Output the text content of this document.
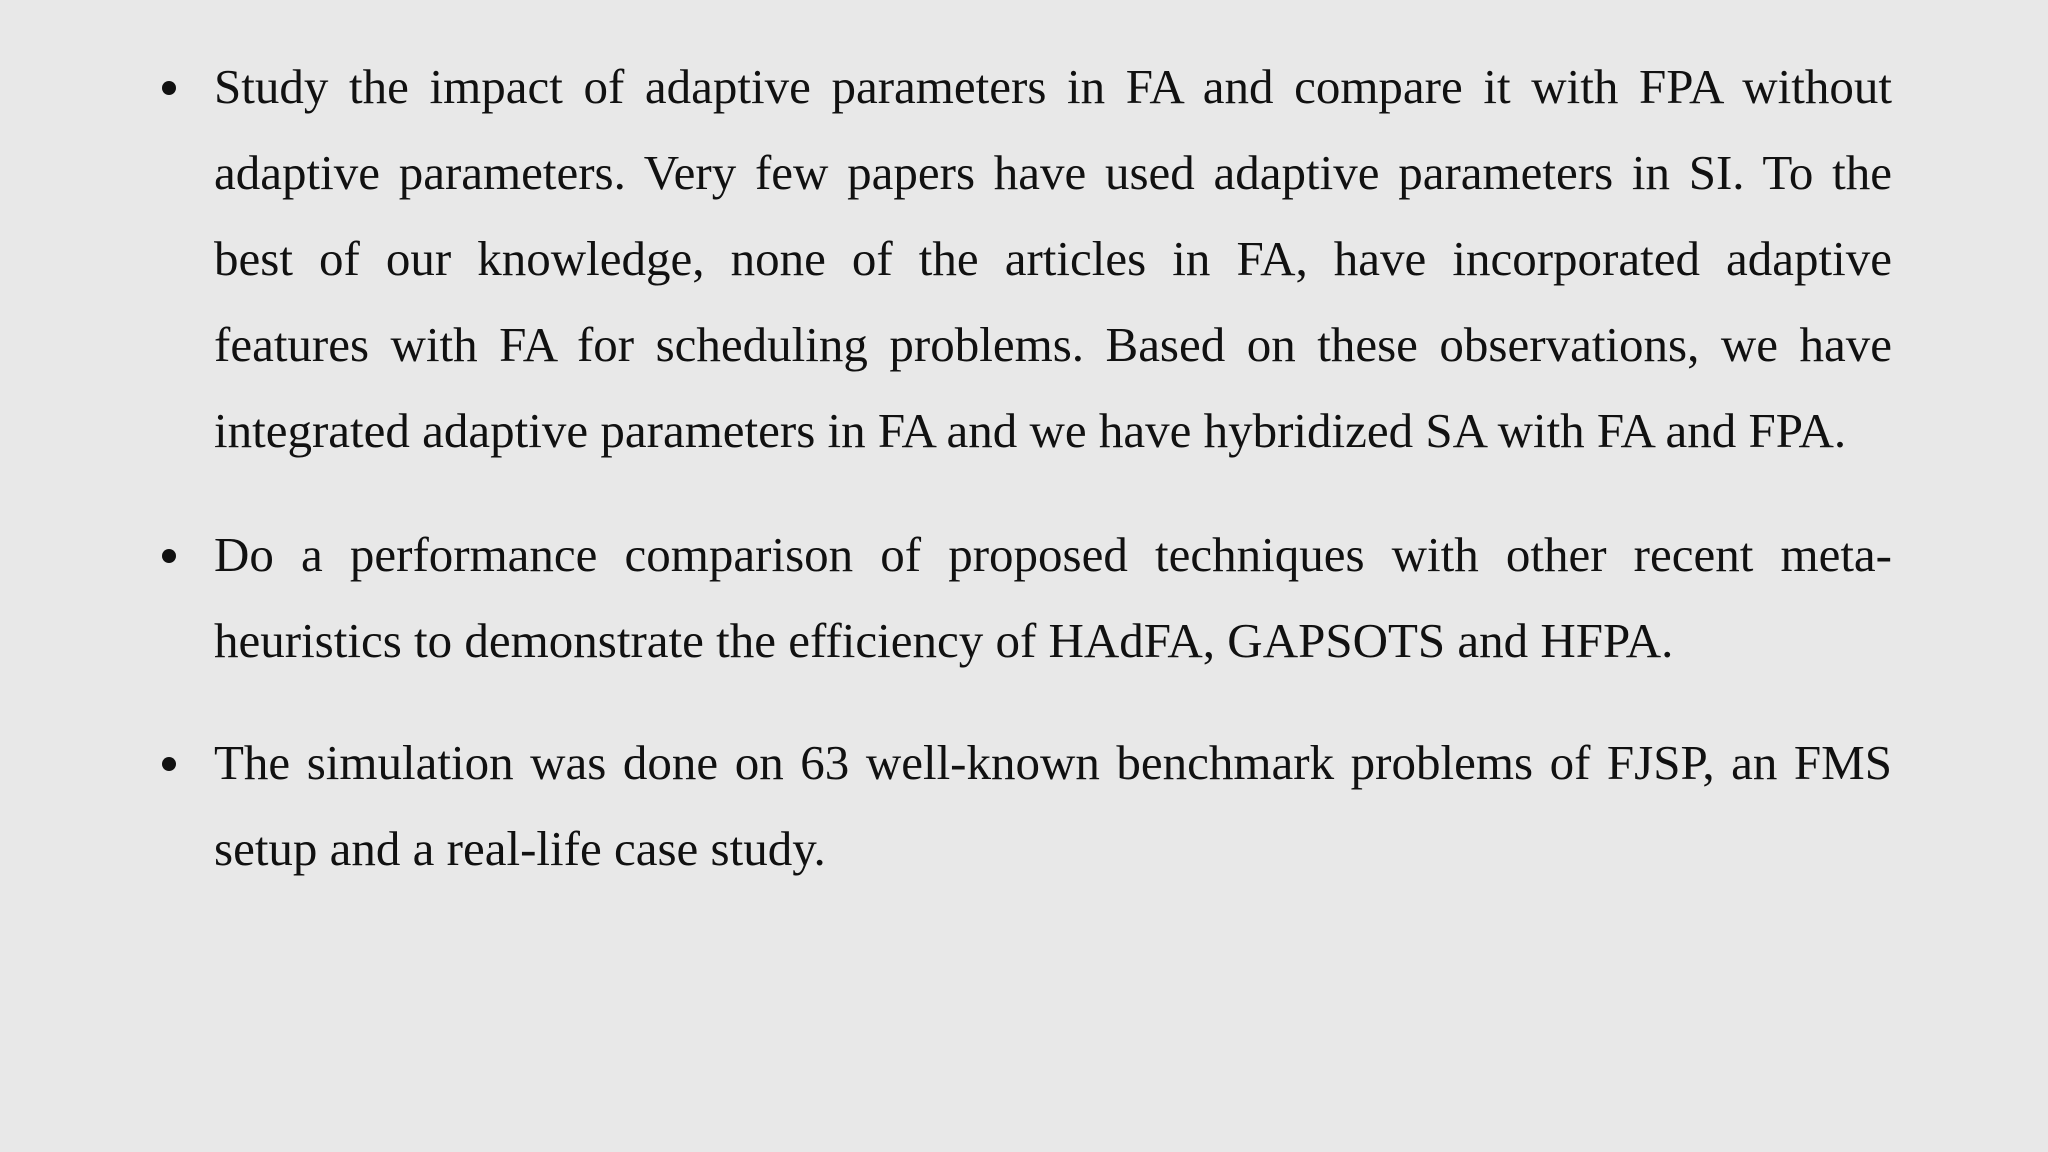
Study the impact of adaptive parameters in FA and compare it with FPA without adaptive parameters. Very few papers have used adaptive parameters in SI. To the best of our knowledge, none of the articles in FA, have incorporated adaptive features with FA for scheduling problems. Based on these observations, we have integrated adaptive parameters in FA and we have hybridized SA with FA and FPA.
Do a performance comparison of proposed techniques with other recent meta-heuristics to demonstrate the efficiency of HAdFA, GAPSOTS and HFPA.
The simulation was done on 63 well-known benchmark problems of FJSP, an FMS setup and a real-life case study.
